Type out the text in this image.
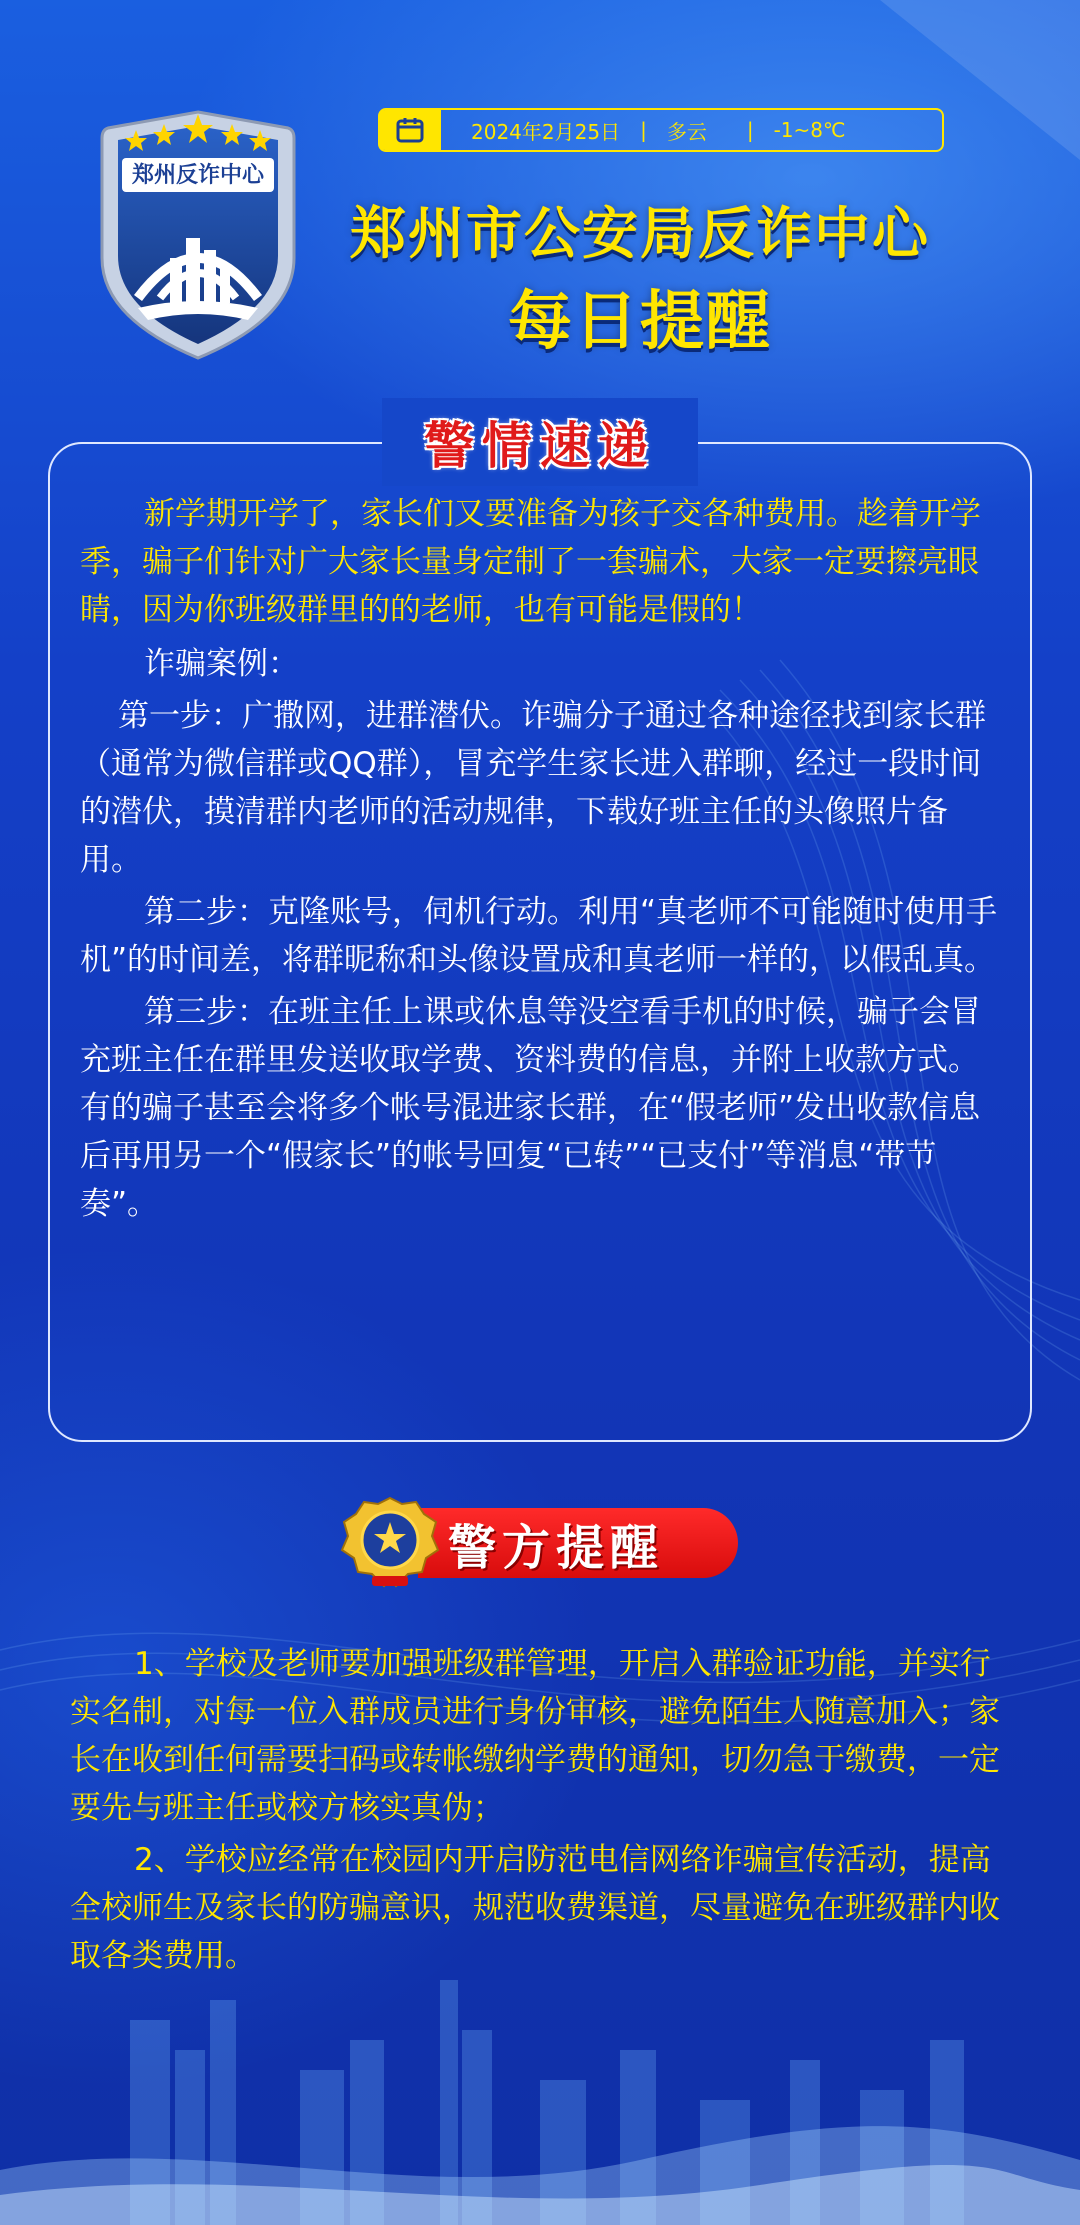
郑州反诈中心
2024年2月25日 | 多云 | -1~8℃
郑州市公安局反诈中心
每日提醒
警情速递

新学期开学了，家长们又要准备为孩子交各种费用。趁着开学季，骗子们针对广大家长量身定制了一套骗术，大家一定要擦亮眼睛，因为你班级群里的的老师，也有可能是假的！

诈骗案例：

第一步：广撒网，进群潜伏。诈骗分子通过各种途径找到家长群（通常为微信群或QQ群），冒充学生家长进入群聊，经过一段时间的潜伏，摸清群内老师的活动规律，下载好班主任的头像照片备用。

第二步：克隆账号，伺机行动。利用“真老师不可能随时使用手机”的时间差，将群昵称和头像设置成和真老师一样的，以假乱真。

第三步：在班主任上课或休息等没空看手机的时候，骗子会冒充班主任在群里发送收取学费、资料费的信息，并附上收款方式。有的骗子甚至会将多个帐号混进家长群，在“假老师”发出收款信息后再用另一个“假家长”的帐号回复“已转”“已支付”等消息“带节奏”。

警方提醒

1、学校及老师要加强班级群管理，开启入群验证功能，并实行实名制，对每一位入群成员进行身份审核，避免陌生人随意加入；家长在收到任何需要扫码或转帐缴纳学费的通知，切勿急于缴费，一定要先与班主任或校方核实真伪；

2、学校应经常在校园内开启防范电信网络诈骗宣传活动，提高全校师生及家长的防骗意识，规范收费渠道，尽量避免在班级群内收取各类费用。
